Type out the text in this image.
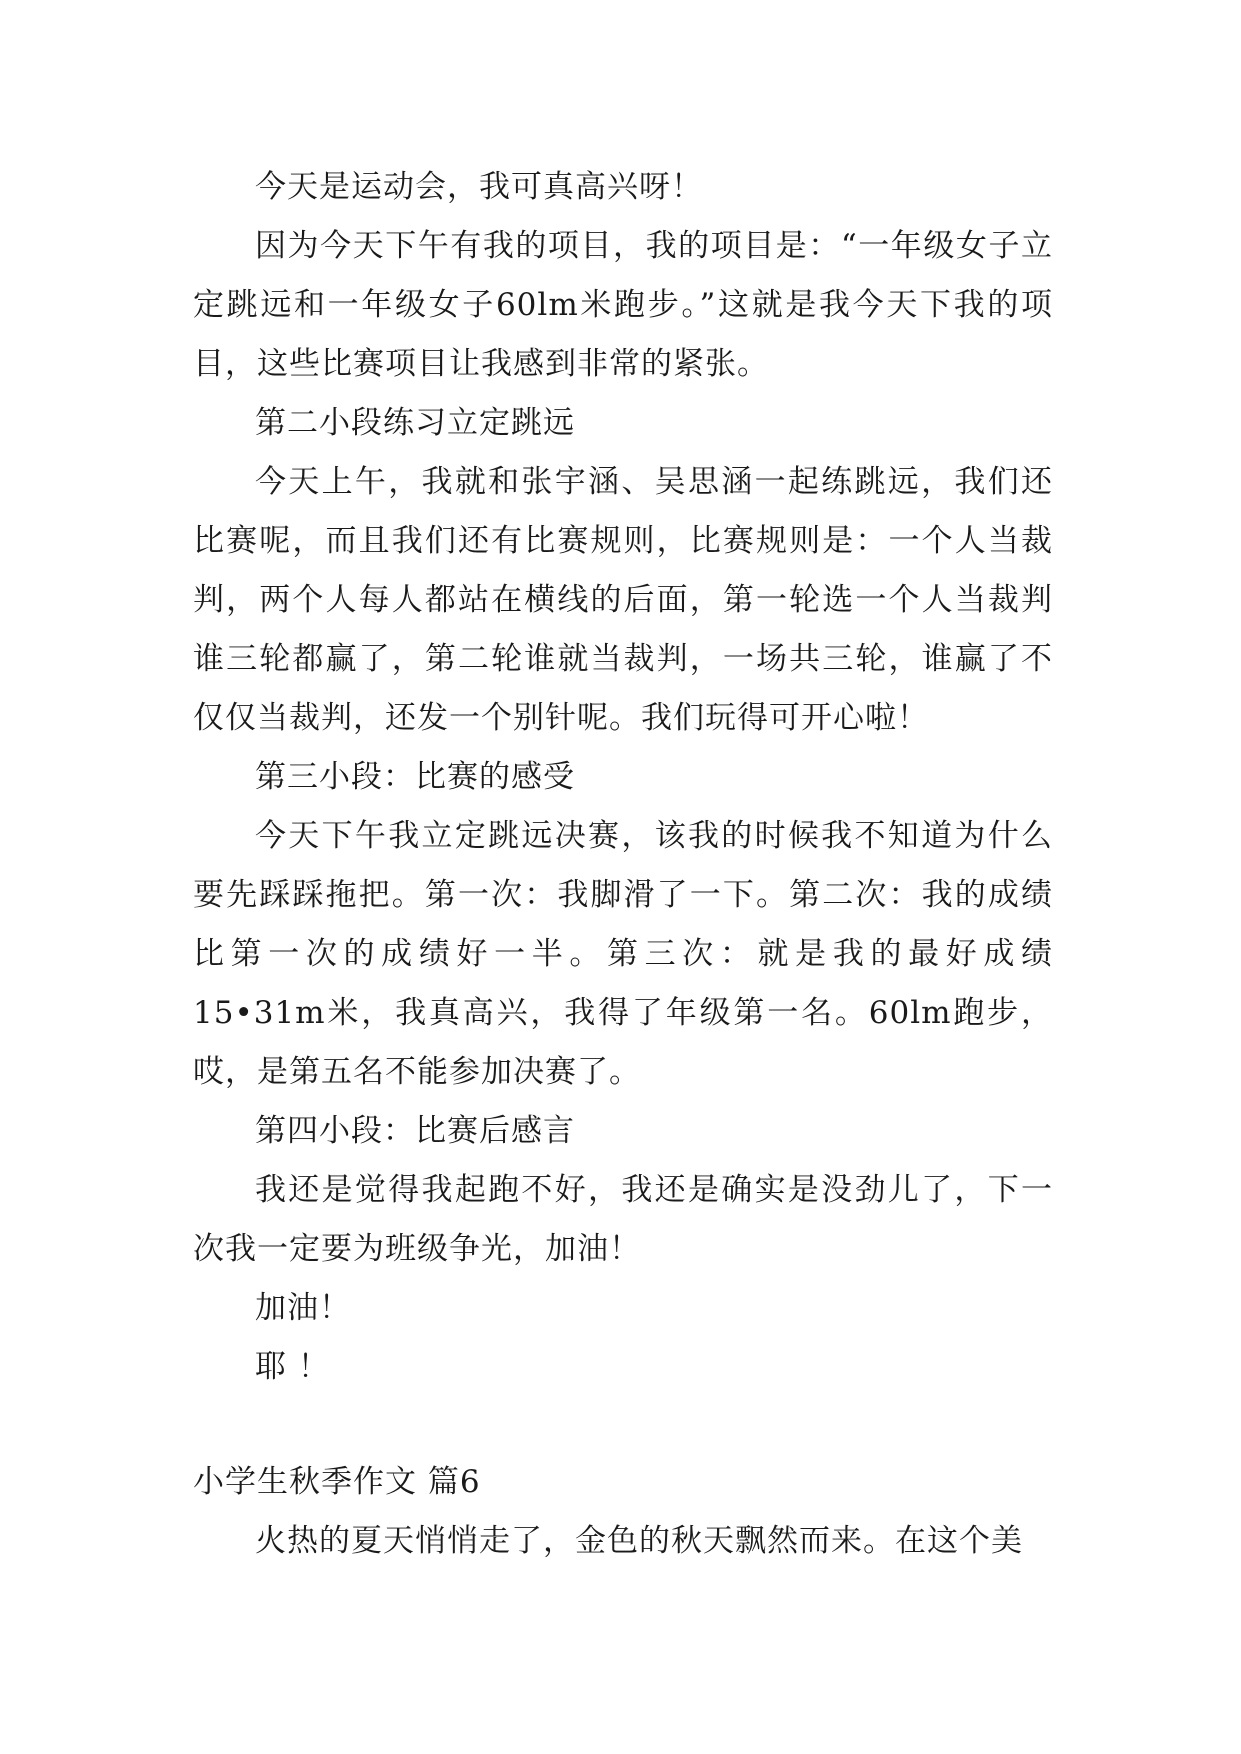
今天是运动会，我可真高兴呀！

因为今天下午有我的项目，我的项目是：“一年级女子立定跳远和一年级女子60lm米跑步。”这就是我今天下我的项目，这些比赛项目让我感到非常的紧张。

第二小段练习立定跳远

今天上午，我就和张宇涵、吴思涵一起练跳远，我们还比赛呢，而且我们还有比赛规则，比赛规则是：一个人当裁判，两个人每人都站在横线的后面，第一轮选一个人当裁判谁三轮都赢了，第二轮谁就当裁判，一场共三轮，谁赢了不仅仅当裁判，还发一个别针呢。我们玩得可开心啦！

第三小段：比赛的感受

今天下午我立定跳远决赛，该我的时候我不知道为什么要先踩踩拖把。第一次：我脚滑了一下。第二次：我的成绩比第一次的成绩好一半。第三次：就是我的最好成绩15•31m米，我真高兴，我得了年级第一名。60lm跑步，哎，是第五名不能参加决赛了。

第四小段：比赛后感言

我还是觉得我起跑不好，我还是确实是没劲儿了，下一次我一定要为班级争光，加油！

加油！

耶 ！

小学生秋季作文 篇6

火热的夏天悄悄走了，金色的秋天飘然而来。在这个美
